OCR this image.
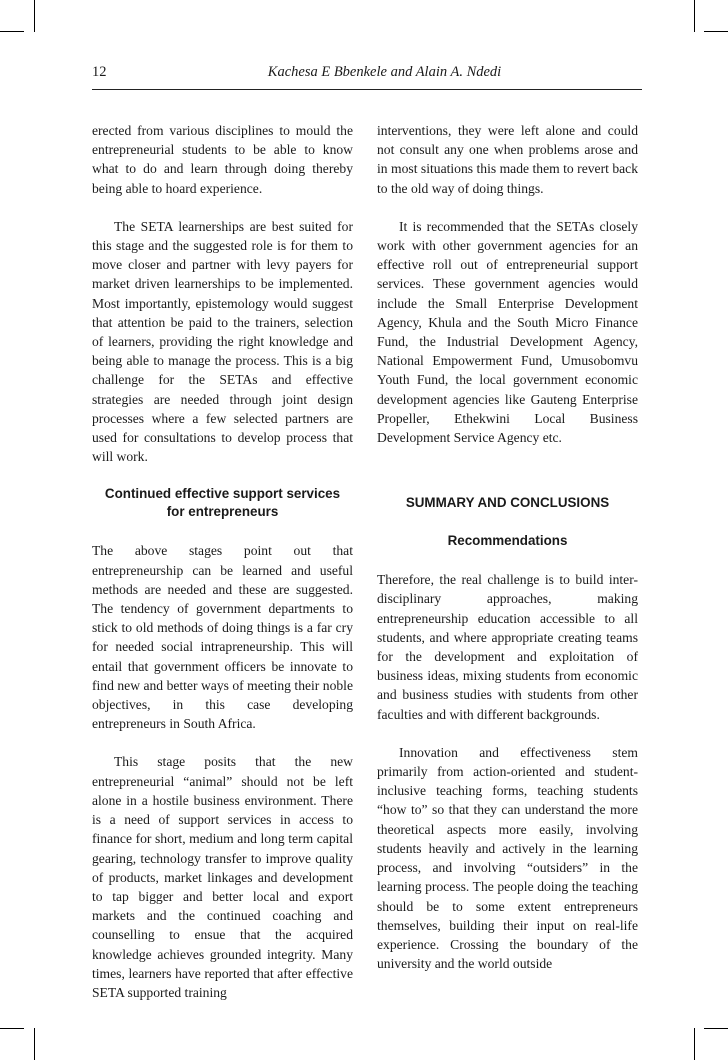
12	Kachesa E Bbenkele and Alain A. Ndedi

erected from various disciplines to mould the entrepreneurial students to be able to know what to do and learn through doing thereby being able to hoard experience.

The SETA learnerships are best suited for this stage and the suggested role is for them to move closer and partner with levy payers for market driven learnerships to be implemented. Most importantly, epistemology would suggest that attention be paid to the trainers, selection of learners, providing the right knowledge and being able to manage the process. This is a big challenge for the SETAs and effective strategies are needed through joint design processes where a few selected partners are used for consultations to develop process that will work.

Continued effective support services
for entrepreneurs

The above stages point out that entrepreneurship can be learned and useful methods are needed and these are suggested. The tendency of government departments to stick to old methods of doing things is a far cry for needed social intrapreneurship. This will entail that government officers be innovate to find new and better ways of meeting their noble objectives, in this case developing entrepreneurs in South Africa.

This stage posits that the new entrepreneurial “animal” should not be left alone in a hostile business environment. There is a need of support services in access to finance for short, medium and long term capital gearing, technology transfer to improve quality of products, market linkages and development to tap bigger and better local and export markets and the continued coaching and counselling to ensue that the acquired knowledge achieves grounded integrity. Many times, learners have reported that after effective SETA supported training

interventions, they were left alone and could not consult any one when problems arose and in most situations this made them to revert back to the old way of doing things.

It is recommended that the SETAs closely work with other government agencies for an effective roll out of entrepreneurial support services. These government agencies would include the Small Enterprise Development Agency, Khula and the South Micro Finance Fund, the Industrial Development Agency, National Empowerment Fund, Umusobomvu Youth Fund, the local government economic development agencies like Gauteng Enterprise Propeller, Ethekwini Local Business Development Service Agency etc.

SUMMARY AND CONCLUSIONS
Recommendations

Therefore, the real challenge is to build inter-disciplinary approaches, making entrepreneurship education accessible to all students, and where appropriate creating teams for the development and exploitation of business ideas, mixing students from economic and business studies with students from other faculties and with different backgrounds.

Innovation and effectiveness stem primarily from action-oriented and student-inclusive teaching forms, teaching students “how to” so that they can understand the more theoretical aspects more easily, involving students heavily and actively in the learning process, and involving “outsiders” in the learning process. The people doing the teaching should be to some extent entrepreneurs themselves, building their input on real-life experience. Crossing the boundary of the university and the world outside
